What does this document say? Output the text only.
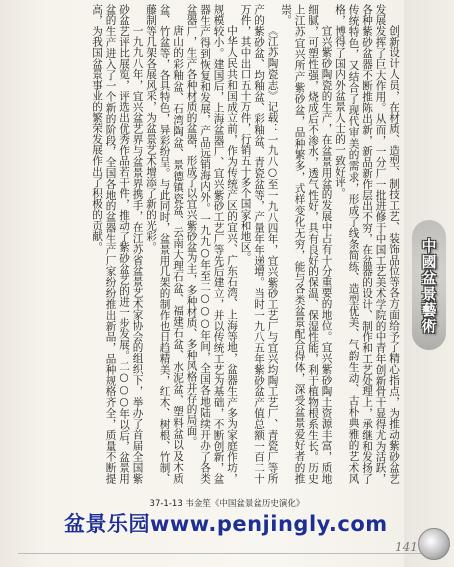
创新设计人员，在材质、造型、制技工艺、装饰品位等各方面给予了精心指点，为推动紫砂盆艺发展发挥了巨大作用。从而，一分厂一批进修于中国工艺美术学院的中青年创新骨干显得尤为活跃，各种紫砂盆器不断推陈出新，新品新作层出不穷，在盆器的设计、制作和工艺处理上，承继和发扬了传统特色，又结合了现代审美的需求，形成了线条简练、造型优美、气韵生动、古朴典雅的艺术风格，博得了国内外盆景人士的一致好评。

宜兴紫砂陶瓷的生产，在盆景用盆的发展中占有十分重要的地位。宜兴紫砂陶土资源丰富，质地细腻，可塑性强，烧成后不渗水，透气性好，具有良好的保温、保湿性能，利于植物根系生长。历史上江苏宜兴所产紫砂盆，品种繁多，式样变化无穷，能与各类盆景配合得体，深受盆景爱好者的推崇。

《江苏陶瓷志》记载：一九八○至一九八四年，宜兴紫砂工艺厂与宜兴均陶工艺厂、青瓷厂等所产的紫砂盆、均釉盆、彩釉盆、青瓷盆等，产量年年递增。当时一九八五年紫砂盆产值总额一百二十万件，其中出口五十万件，行销五十多个国家和地区。

中华人民共和国成立前，作为传统产区的宜兴、广东石湾、上海等地，盆器生产多为家庭作坊，规模较小。建国后，上海盆器厂、宜兴紫砂工艺厂等先后建立，并以传统工艺为基础，不断创新，盆器生产得到恢复和发展，产品远销海内外。一九九○年至二○○○年间，全国各地陆续开办了各类盆器厂，生产各种材质的盆器，形成了以宜兴紫砂盆为主，多种材质、多种风格并存的局面。

唐山的彩釉盆、石湾陶盆、景德镇瓷盆、云南大理石盆、福建石盆、水泥盆、塑料盆以及木质盆、竹盆等，各具特色，异彩纷呈。与此同时，盆景用几架的制作也日趋精美，红木、树根、竹制、藤制等几架各展风采，为盆景艺术增添了新的光彩。

一九九八年，宜兴盆艺界与盆景界携手，在江苏省盆景艺术家协会的组织下，举办了首届全国紫砂盆艺评比展览，评选出优秀作品若干件，推动了紫砂盆艺的进一步发展。二○○○年以后，盆景用盆的生产进入了一个新的阶段，全国各地的盆器生产厂家纷纷推出新品，品种规格齐全，质量不断提高，为我国盆景事业的繁荣发展作出了积极的贡献。

中國盆景藝術
37-1-13 韦金笙《中国盆景盆历史演化》
盆景乐园www.penjingly.com
141
